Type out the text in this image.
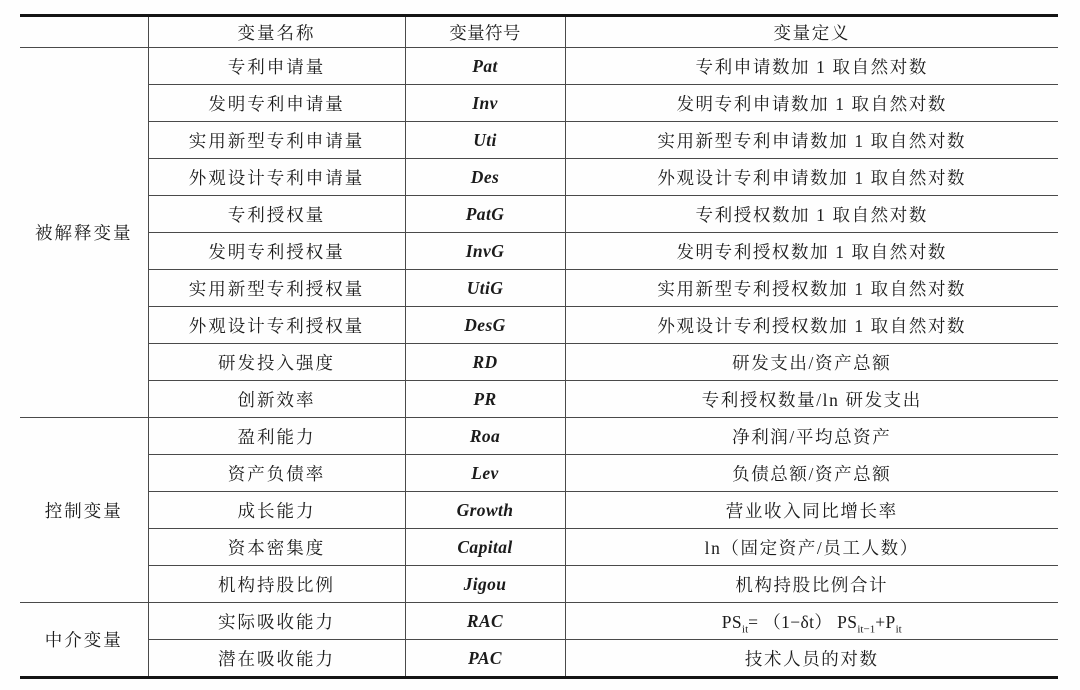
	变量名称	变量符号	变量定义
被解释变量	专利申请量	Pat	专利申请数加 1 取自然对数
	发明专利申请量	Inv	发明专利申请数加 1 取自然对数
	实用新型专利申请量	Uti	实用新型专利申请数加 1 取自然对数
	外观设计专利申请量	Des	外观设计专利申请数加 1 取自然对数
	专利授权量	PatG	专利授权数加 1 取自然对数
	发明专利授权量	InvG	发明专利授权数加 1 取自然对数
	实用新型专利授权量	UtiG	实用新型专利授权数加 1 取自然对数
	外观设计专利授权量	DesG	外观设计专利授权数加 1 取自然对数
	研发投入强度	RD	研发支出/资产总额
	创新效率	PR	专利授权数量/ln 研发支出
控制变量	盈利能力	Roa	净利润/平均总资产
	资产负债率	Lev	负债总额/资产总额
	成长能力	Growth	营业收入同比增长率
	资本密集度	Capital	ln（固定资产/员工人数）
	机构持股比例	Jigou	机构持股比例合计
中介变量	实际吸收能力	RAC	$PS_{it}= (1-\delta t)$ $PS_{it-1}+P_{it}$
	潜在吸收能力	PAC	技术人员的对数
